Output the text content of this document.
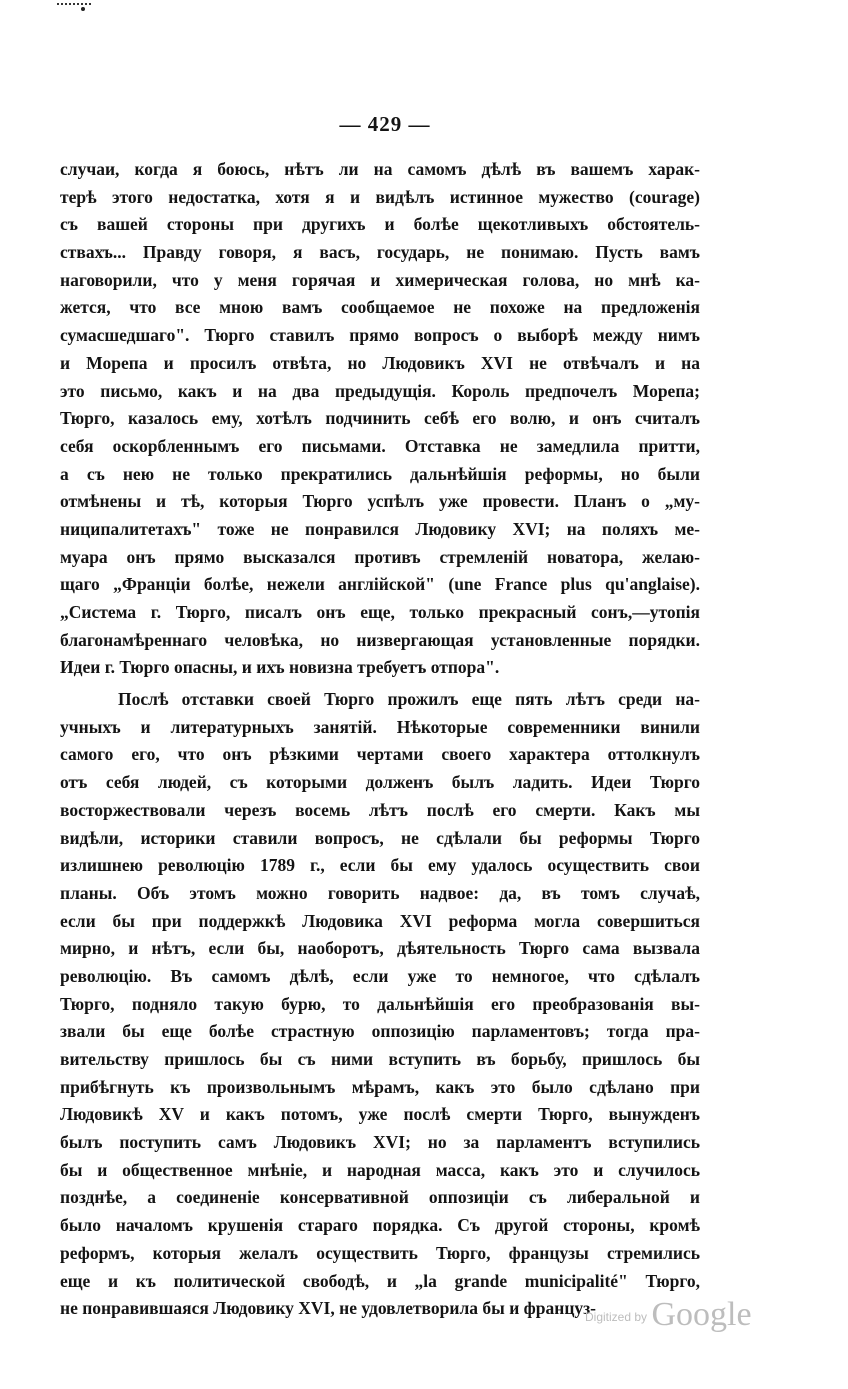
— 429 —
случаи, когда я боюсь, нѣтъ ли на самомъ дѣлѣ въ вашемъ харак-
терѣ этого недостатка, хотя я и видѣлъ истинное мужество (courage)
съ вашей стороны при другихъ и болѣе щекотливыхъ обстоятель-
ствахъ... Правду говоря, я васъ, государь, не понимаю. Пусть вамъ
наговорили, что у меня горячая и химерическая голова, но мнѣ ка-
жется, что все мною вамъ сообщаемое не похоже на предложенія
сумасшедшаго". Тюрго ставилъ прямо вопросъ о выборѣ между нимъ
и Морепа и просилъ отвѣта, но Людовикъ XVI не отвѣчалъ и на
это письмо, какъ и на два предыдущія. Король предпочелъ Морепа;
Тюрго, казалось ему, хотѣлъ подчинить себѣ его волю, и онъ считалъ
себя оскорбленнымъ его письмами. Отставка не замедлила притти,
а съ нею не только прекратились дальнѣйшія реформы, но были
отмѣнены и тѣ, которыя Тюрго успѣлъ уже провести. Планъ о „му-
ниципалитетахъ" тоже не понравился Людовику XVI; на поляхъ ме-
муара онъ прямо высказался противъ стремленій новатора, желаю-
щаго „Франціи болѣе, нежели англійской" (une France plus qu'anglaise).
„Система г. Тюрго, писалъ онъ еще, только прекрасный сонъ,—утопія
благонамѣреннаго человѣка, но низвергающая установленные порядки.
Идеи г. Тюрго опасны, и ихъ новизна требуетъ отпора".
Послѣ отставки своей Тюрго прожилъ еще пять лѣтъ среди на-
учныхъ и литературныхъ занятій. Нѣкоторые современники винили
самого его, что онъ рѣзкими чертами своего характера оттолкнулъ
отъ себя людей, съ которыми долженъ былъ ладить. Идеи Тюрго
восторжествовали черезъ восемь лѣтъ послѣ его смерти. Какъ мы
видѣли, историки ставили вопросъ, не сдѣлали бы реформы Тюрго
излишнею революцію 1789 г., если бы ему удалось осуществить свои
планы. Объ этомъ можно говорить надвое: да, въ томъ случаѣ,
если бы при поддержкѣ Людовика XVI реформа могла совершиться
мирно, и нѣтъ, если бы, наоборотъ, дѣятельность Тюрго сама вызвала
революцію. Въ самомъ дѣлѣ, если уже то немногое, что сдѣлалъ
Тюрго, подняло такую бурю, то дальнѣйшія его преобразованія вы-
звали бы еще болѣе страстную оппозицію парламентовъ; тогда пра-
вительству пришлось бы съ ними вступить въ борьбу, пришлось бы
прибѣгнуть къ произвольнымъ мѣрамъ, какъ это было сдѣлано при
Людовикѣ XV и какъ потомъ, уже послѣ смерти Тюрго, вынужденъ
былъ поступить самъ Людовикъ XVI; но за парламентъ вступились
бы и общественное мнѣніе, и народная масса, какъ это и случилось
позднѣе, а соединеніе консервативной оппозиціи съ либеральной и
было началомъ крушенія стараго порядка. Съ другой стороны, кромѣ
реформъ, которыя желалъ осуществить Тюрго, французы стремились
еще и къ политической свободѣ, и „la grande municipalité" Тюрго,
не понравившаяся Людовику XVI, не удовлетворила бы и француз-
$^{Digitized by}$ Google
